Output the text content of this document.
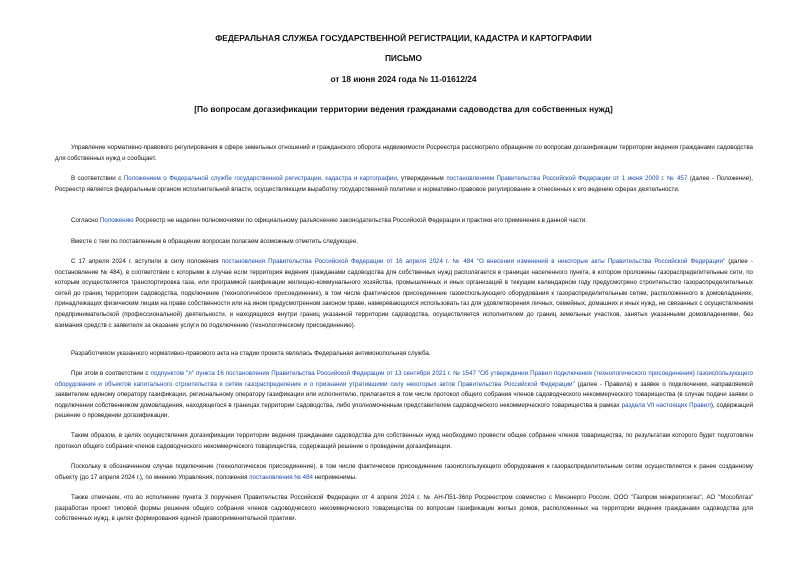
ФЕДЕРАЛЬНАЯ СЛУЖБА ГОСУДАРСТВЕННОЙ РЕГИСТРАЦИИ, КАДАСТРА И КАРТОГРАФИИ

ПИСЬМО

от 18 июня 2024 года № 11-01612/24

[По вопросам догазификации территории ведения гражданами садоводства для собственных нужд]

Управление нормативно-правового регулирования в сфере земельных отношений и гражданского оборота недвижимости Росреестра рассмотрело обращение по вопросам догазификации территории ведения гражданами садоводства для собственных нужд и сообщает.

В соответствии с Положением о Федеральной службе государственной регистрации, кадастра и картографии, утвержденным постановлением Правительства Российской Федерации от 1 июня 2009 г. № 457 (далее - Положение), Росреестр является федеральным органом исполнительной власти, осуществляющим выработку государственной политики и нормативно-правовое регулирование в отнесенных к его ведению сферах деятельности.

Согласно Положению Росреестр не наделен полномочиями по официальному разъяснению законодательства Российской Федерации и практики его применения в данной части.

Вместе с тем по поставленным в обращении вопросам полагаем возможным отметить следующее.

С 17 апреля 2024 г. вступили в силу положения постановления Правительства Российской Федерации от 16 апреля 2024 г. № 484 "О внесении изменений в некоторые акты Правительства Российской Федерации" (далее - постановление № 484), в соответствии с которыми в случае если территория ведения гражданами садоводства для собственных нужд располагается в границах населенного пункта, в котором проложены газораспределительные сети, по которым осуществляется транспортировка газа, или программой газификации жилищно-коммунального хозяйства, промышленных и иных организаций в текущем календарном году предусмотрено строительство газораспределительных сетей до границ территории садоводства, подключение (технологическое присоединение), в том числе фактическое присоединение газоиспользующего оборудования к газораспределительным сетям, расположенного в домовладениях, принадлежащих физическим лицам на праве собственности или на ином предусмотренном законом праве, намеревающихся использовать газ для удовлетворения личных, семейных, домашних и иных нужд, не связанных с осуществлением предпринимательской (профессиональной) деятельности, и находящихся внутри границ указанной территории садоводства, осуществляется исполнителем до границ земельных участков, занятых указанными домовладениями, без взимания средств с заявителя за оказание услуги по подключению (технологическому присоединению).

Разработчиком указанного нормативно-правового акта на стадии проекта являлась Федеральная антимонопольная служба.

При этом в соответствии с подпунктом "л" пункта 16 постановления Правительства Российской Федерации от 13 сентября 2021 г. № 1547 "Об утверждении Правил подключения (технологического присоединения) газоиспользующего оборудования и объектов капитального строительства к сетям газораспределения и о признании утратившими силу некоторых актов Правительства Российской Федерации" (далее - Правила) к заявке о подключении, направляемой заявителем единому оператору газификации, региональному оператору газификации или исполнителю, прилагается в том числе протокол общего собрания членов садоводческого некоммерческого товарищества (в случае подачи заявки о подключении собственником домовладения, находящегося в границах территории садоводства, либо уполномоченным представителем садоводческого некоммерческого товарищества в рамках раздела VII настоящих Правил), содержащий решение о проведении догазификации.

Таким образом, в целях осуществления догазификации территории ведения гражданами садоводства для собственных нужд необходимо провести общее собрание членов товарищества, по результатам которого будет подготовлен протокол общего собрания членов садоводческого некоммерческого товарищества, содержащий решение о проведении догазификации.

Поскольку в обозначенном случае подключение (технологическое присоединение), в том числе фактическое присоединение газоиспользующего оборудования к газораспределительным сетям осуществляется к ранее созданному объекту (до 17 апреля 2024 г.), по мнению Управления, положения постановления № 484 неприменимы.

Также отмечаем, что во исполнение пункта 3 поручения Правительства Российской Федерации от 4 апреля 2024 г. № АН-П51-36пр Росреестром совместно с Минэнерго России, ООО "Газпром межрегионгаз", АО "Мособлгаз" разработан проект типовой формы решения общего собрания членов садоводческого некоммерческого товарищества по вопросам газификации жилых домов, расположенных на территории ведения гражданами садоводства для собственных нужд, в целях формирования единой правоприменительной практики.
